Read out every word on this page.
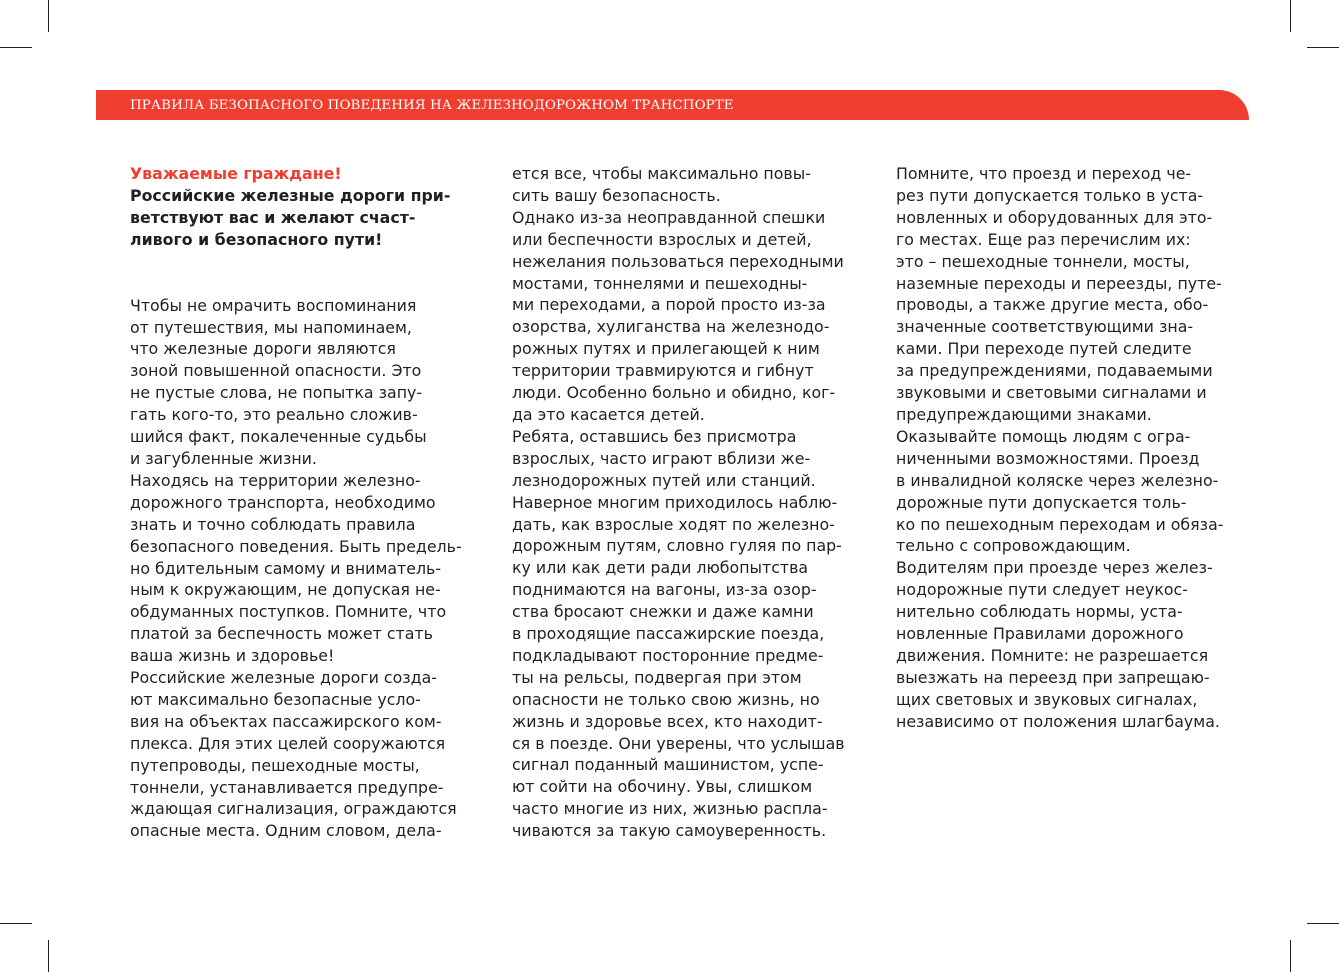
ПРАВИЛА БЕЗОПАСНОГО ПОВЕДЕНИЯ НА ЖЕЛЕЗНОДОРОЖНОМ ТРАНСПОРТЕ
Уважаемые граждане!
Российские железные дороги при-
ветствуют вас и желают счаст-
ливого и безопасного пути!

Чтобы не омрачить воспоминания
от путешествия, мы напоминаем,
что железные дороги являются
зоной повышенной опасности. Это
не пустые слова, не попытка запу-
гать кого-то, это реально сложив-
шийся факт, покалеченные судьбы
и загубленные жизни.

Находясь на территории железно-
дорожного транспорта, необходимо
знать и точно соблюдать правила
безопасного поведения. Быть предель-
но бдительным самому и вниматель-
ным к окружающим, не допуская не-
обдуманных поступков. Помните, что
платой за беспечность может стать
ваша жизнь и здоровье!

Российские железные дороги созда-
ют максимально безопасные усло-
вия на объектах пассажирского ком-
плекса. Для этих целей сооружаются
путепроводы, пешеходные мосты,
тоннели, устанавливается предупре-
ждающая сигнализация, ограждаются
опасные места. Одним словом, дела-

ется все, чтобы максимально повы-
сить вашу безопасность.

Однако из-за неоправданной спешки
или беспечности взрослых и детей,
нежелания пользоваться переходными
мостами, тоннелями и пешеходны-
ми переходами, а порой просто из-за
озорства, хулиганства на железнодо-
рожных путях и прилегающей к ним
территории травмируются и гибнут
люди. Особенно больно и обидно, ког-
да это касается детей.

Ребята, оставшись без присмотра
взрослых, часто играют вблизи же-
лезнодорожных путей или станций.

Наверное многим приходилось наблю-
дать, как взрослые ходят по железно-
дорожным путям, словно гуляя по пар-
ку или как дети ради любопытства
поднимаются на вагоны, из-за озор-
ства бросают снежки и даже камни
в проходящие пассажирские поезда,
подкладывают посторонние предме-
ты на рельсы, подвергая при этом
опасности не только свою жизнь, но
жизнь и здоровье всех, кто находит-
ся в поезде. Они уверены, что услышав
сигнал поданный машинистом, успе-
ют сойти на обочину. Увы, слишком
часто многие из них, жизнью распла-
чиваются за такую самоуверенность.

Помните, что проезд и переход че-
рез пути допускается только в уста-
новленных и оборудованных для это-
го местах. Еще раз перечислим их:
это – пешеходные тоннели, мосты,
наземные переходы и переезды, путе-
проводы, а также другие места, обо-
значенные соответствующими зна-
ками. При переходе путей следите
за предупреждениями, подаваемыми
звуковыми и световыми сигналами и
предупреждающими знаками.

Оказывайте помощь людям с огра-
ниченными возможностями. Проезд
в инвалидной коляске через железно-
дорожные пути допускается толь-
ко по пешеходным переходам и обяза-
тельно с сопровождающим.

Водителям при проезде через желез-
нодорожные пути следует неукос-
нительно соблюдать нормы, уста-
новленные Правилами дорожного
движения. Помните: не разрешается
выезжать на переезд при запрещаю-
щих световых и звуковых сигналах,
независимо от положения шлагбаума.
